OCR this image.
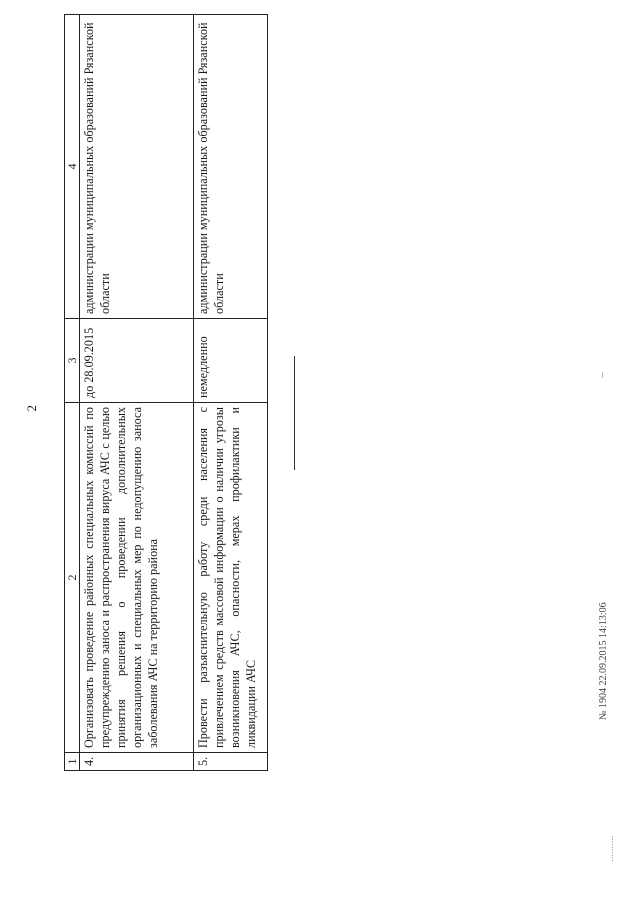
2
1	2	3	4
4.	Организовать проведение районных специальных комиссий по предупреждению заноса и распространения вируса АЧС с целью принятия решения о проведении дополнительных организационных и специальных мер по недопущению заноса заболевания АЧС на территорию района	до 28.09.2015	администрации муниципальных образований Рязанской области
5.	Провести разъяснительную работу среди населения с привлечением средств массовой информации о наличии угрозы возникновения АЧС, опасности, мерах профилактики и ликвидации АЧС	немедленно	администрации муниципальных образований Рязанской области
……….
№ 1904 22.09.2015 14:13:06
